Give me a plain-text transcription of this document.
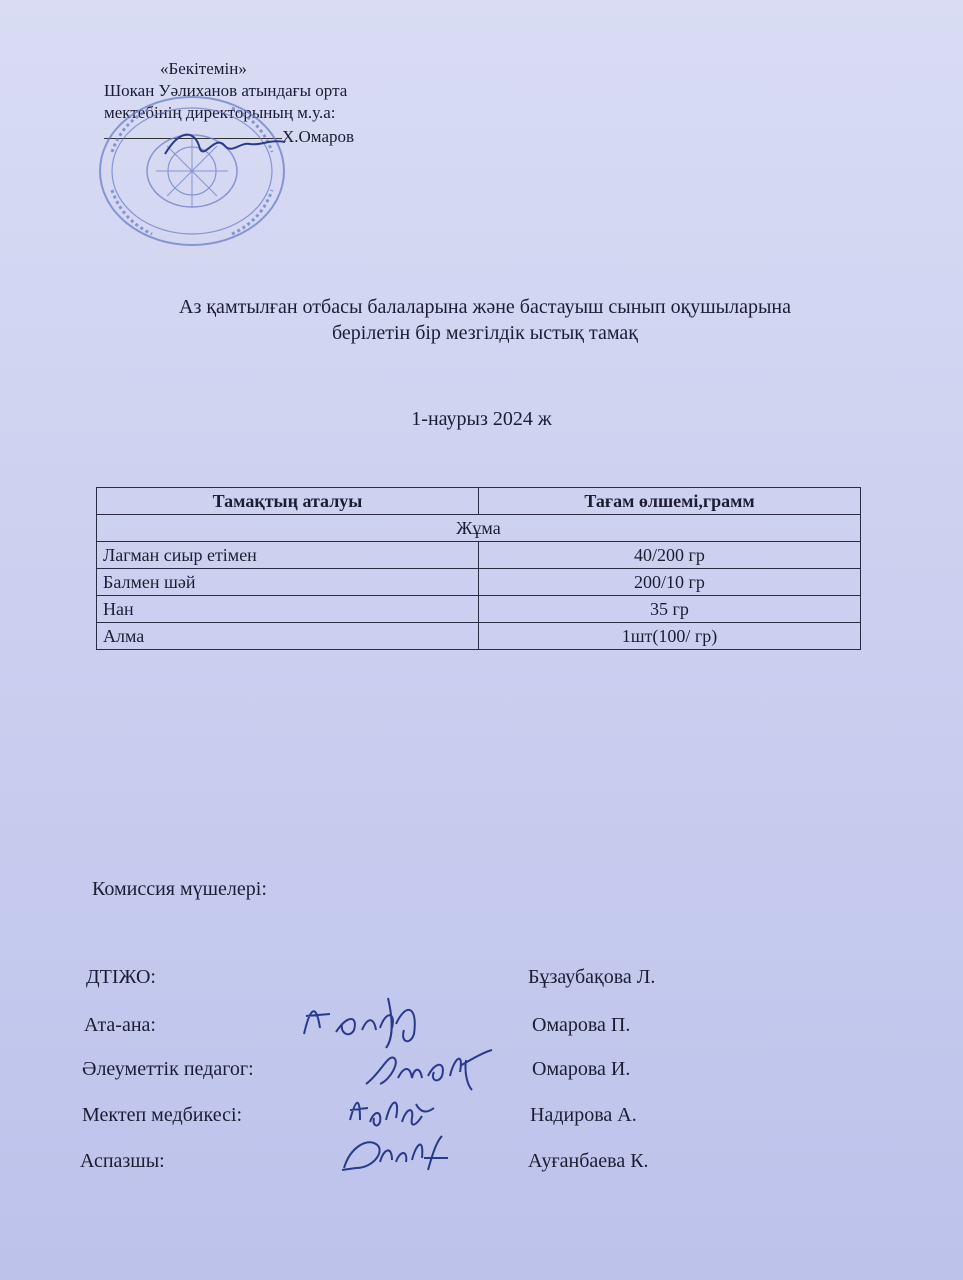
«Бекітемін»
Шокан Уәлиханов атындағы орта
мектебінің директорының м.у.а:
Х.Омаров
Аз қамтылған отбасы балаларына және бастауыш сынып оқушыларына
берілетін бір мезгілдік ыстық тамақ
1-наурыз 2024 ж
Тамақтың аталуы	Тағам өлшемі,грамм
Жұма	
Лагман сиыр етімен	40/200 гр
Балмен шәй	200/10 гр
Нан	35 гр
Алма	1шт(100/ гр)
Комиссия мүшелері:
ДТІЖО:	Бұзаубақова Л.
Ата-ана:	Омарова П.
Әлеуметтік педагог:	Омарова И.
Мектеп медбикесі:	Надирова А.
Аспазшы:	Ауғанбаева К.
